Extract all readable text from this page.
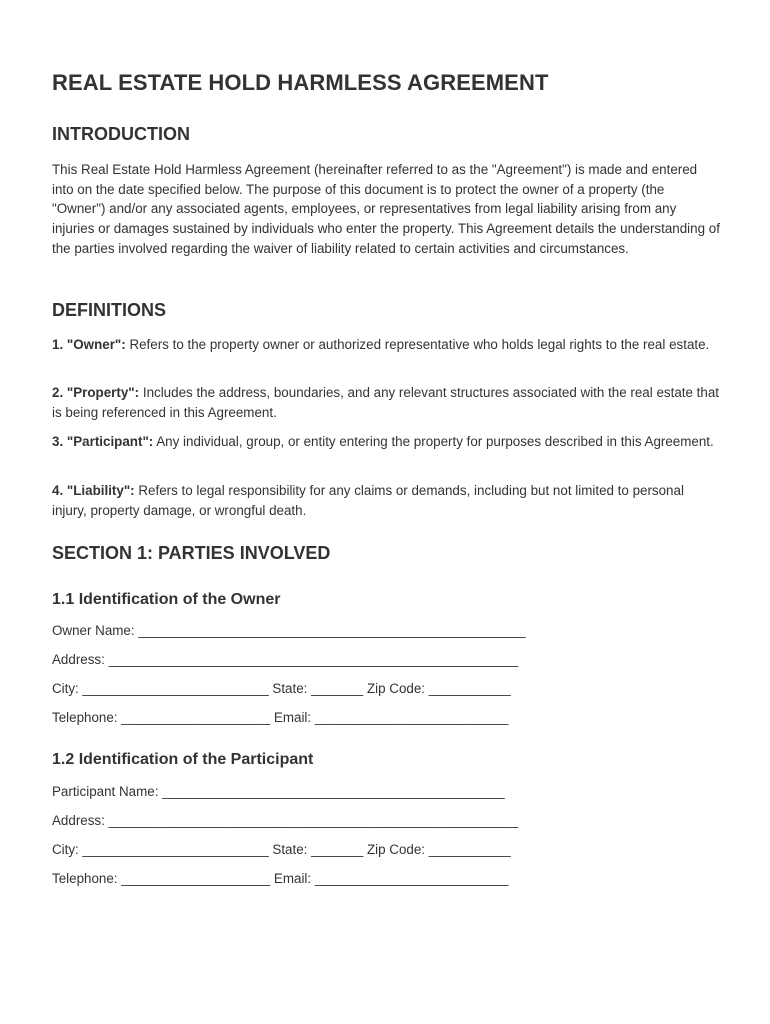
REAL ESTATE HOLD HARMLESS AGREEMENT
INTRODUCTION

This Real Estate Hold Harmless Agreement (hereinafter referred to as the "Agreement") is made and entered into on the date specified below. The purpose of this document is to protect the owner of a property (the "Owner") and/or any associated agents, employees, or representatives from legal liability arising from any injuries or damages sustained by individuals who enter the property. This Agreement details the understanding of the parties involved regarding the waiver of liability related to certain activities and circumstances.

DEFINITIONS

1. "Owner": Refers to the property owner or authorized representative who holds legal rights to the real estate.

2. "Property": Includes the address, boundaries, and any relevant structures associated with the real estate that is being referenced in this Agreement.

3. "Participant": Any individual, group, or entity entering the property for purposes described in this Agreement.

4. "Liability": Refers to legal responsibility for any claims or demands, including but not limited to personal injury, property damage, or wrongful death.

SECTION 1: PARTIES INVOLVED
1.1 Identification of the Owner

Owner Name: ____________________________________________________

Address: _______________________________________________________

City: _________________________ State: _______ Zip Code: ___________

Telephone: ____________________ Email: __________________________

1.2 Identification of the Participant

Participant Name: ______________________________________________

Address: _______________________________________________________

City: _________________________ State: _______ Zip Code: ___________

Telephone: ____________________ Email: __________________________
